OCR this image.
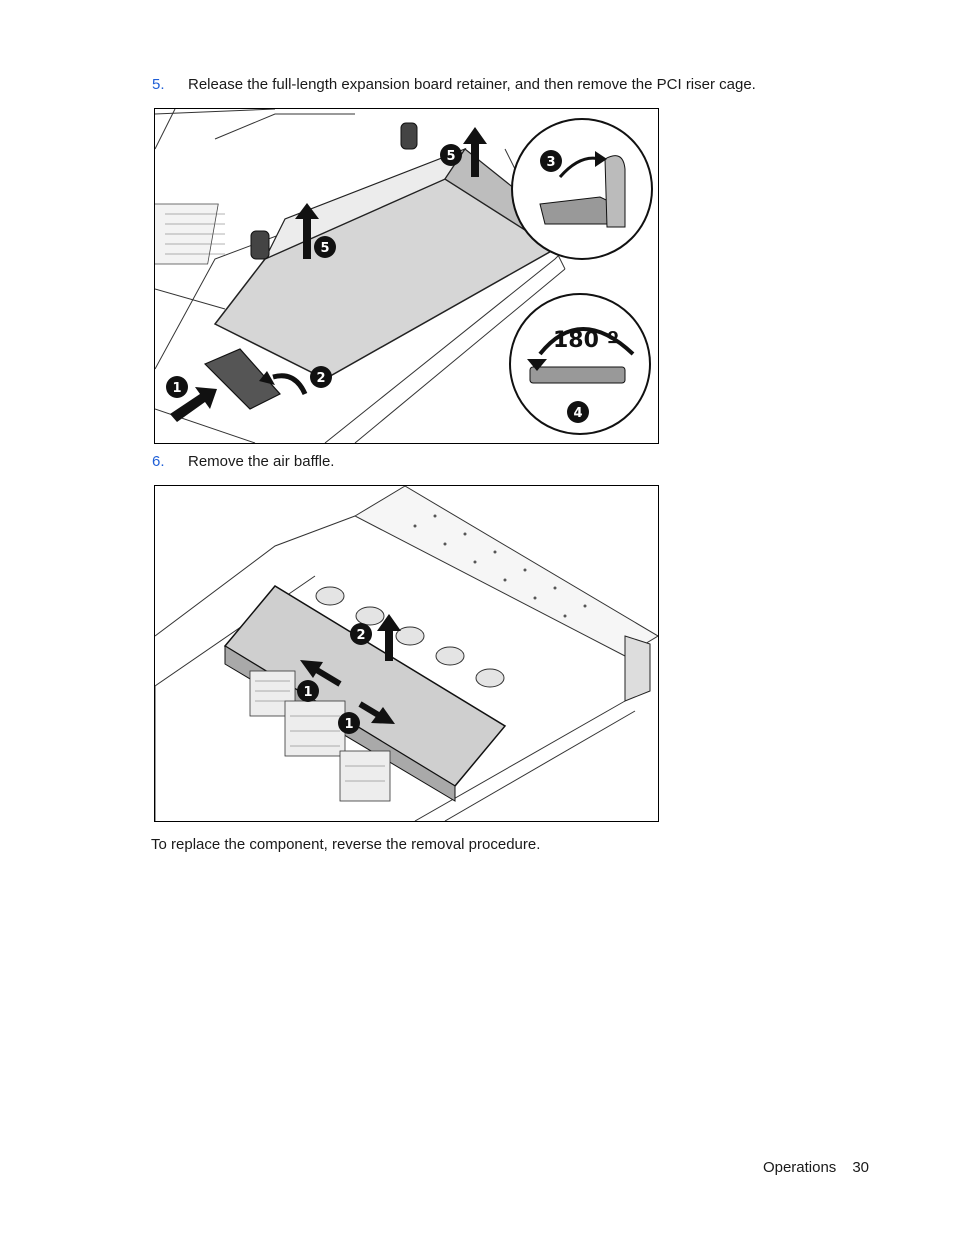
5.	Release the full-length expansion board retainer, and then remove the PCI riser cage.
180 º
1
2
3
4
5
5
6.	Remove the air baffle.
1
1
2
To replace the component, reverse the removal procedure.
Operations 30
